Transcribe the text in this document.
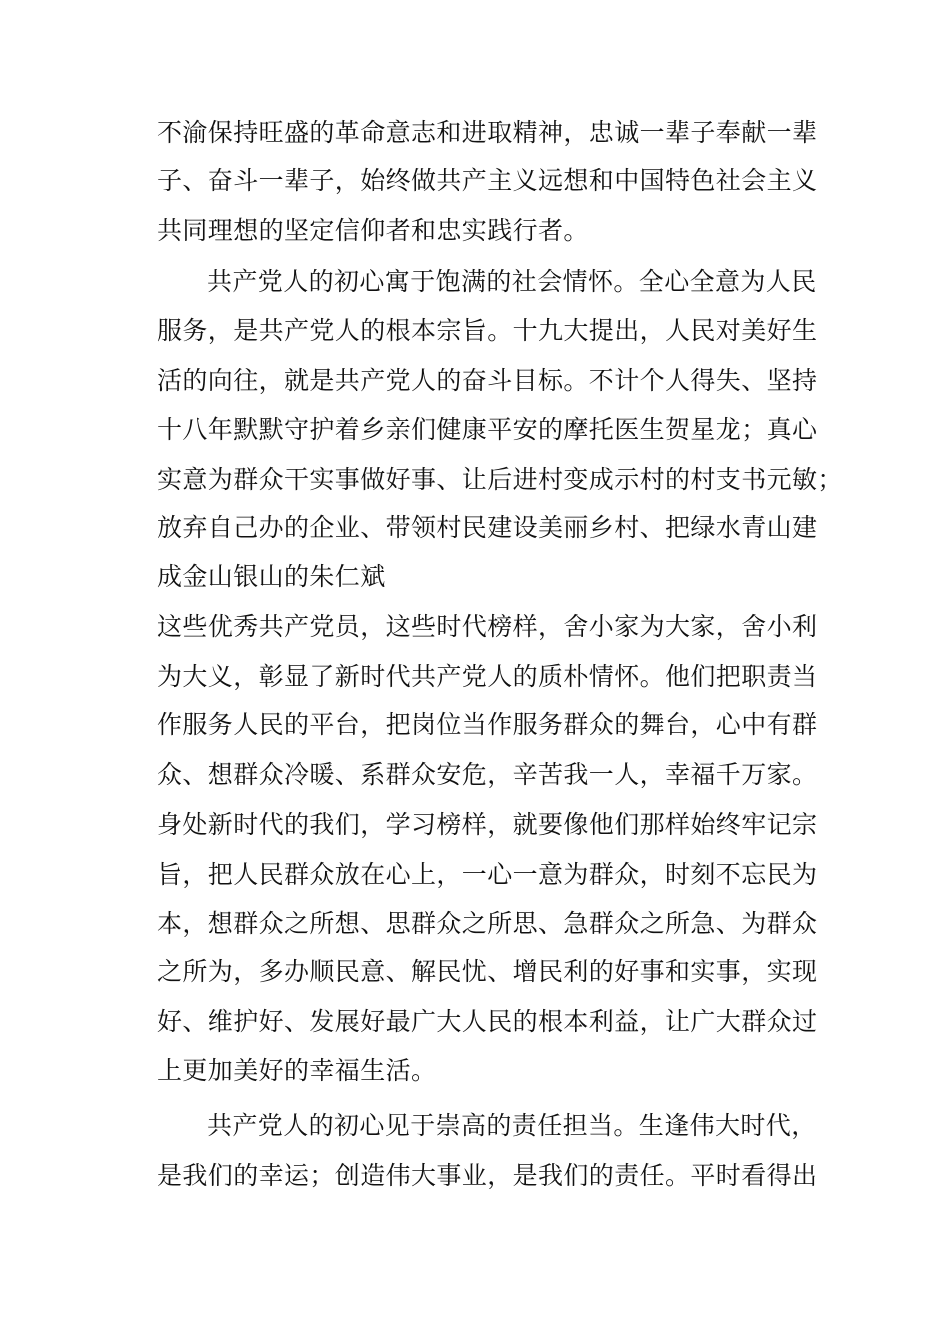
不渝保持旺盛的革命意志和进取精神，忠诚一辈子奉献一辈
子、奋斗一辈子，始终做共产主义远想和中国特色社会主义
共同理想的坚定信仰者和忠实践行者。
共产党人的初心寓于饱满的社会情怀。全心全意为人民
服务，是共产党人的根本宗旨。十九大提出，人民对美好生
活的向往，就是共产党人的奋斗目标。不计个人得失、坚持
十八年默默守护着乡亲们健康平安的摩托医生贺星龙；真心
实意为群众干实事做好事、让后进村变成示村的村支书元敏；
放弃自己办的企业、带领村民建设美丽乡村、把绿水青山建
成金山银山的朱仁斌
这些优秀共产党员，这些时代榜样，舍小家为大家，舍小利
为大义，彰显了新时代共产党人的质朴情怀。他们把职责当
作服务人民的平台，把岗位当作服务群众的舞台，心中有群
众、想群众冷暖、系群众安危，辛苦我一人，幸福千万家。
身处新时代的我们，学习榜样，就要像他们那样始终牢记宗
旨，把人民群众放在心上，一心一意为群众，时刻不忘民为
本，想群众之所想、思群众之所思、急群众之所急、为群众
之所为，多办顺民意、解民忧、增民利的好事和实事，实现
好、维护好、发展好最广大人民的根本利益，让广大群众过
上更加美好的幸福生活。
共产党人的初心见于崇高的责任担当。生逢伟大时代，
是我们的幸运；创造伟大事业，是我们的责任。平时看得出
